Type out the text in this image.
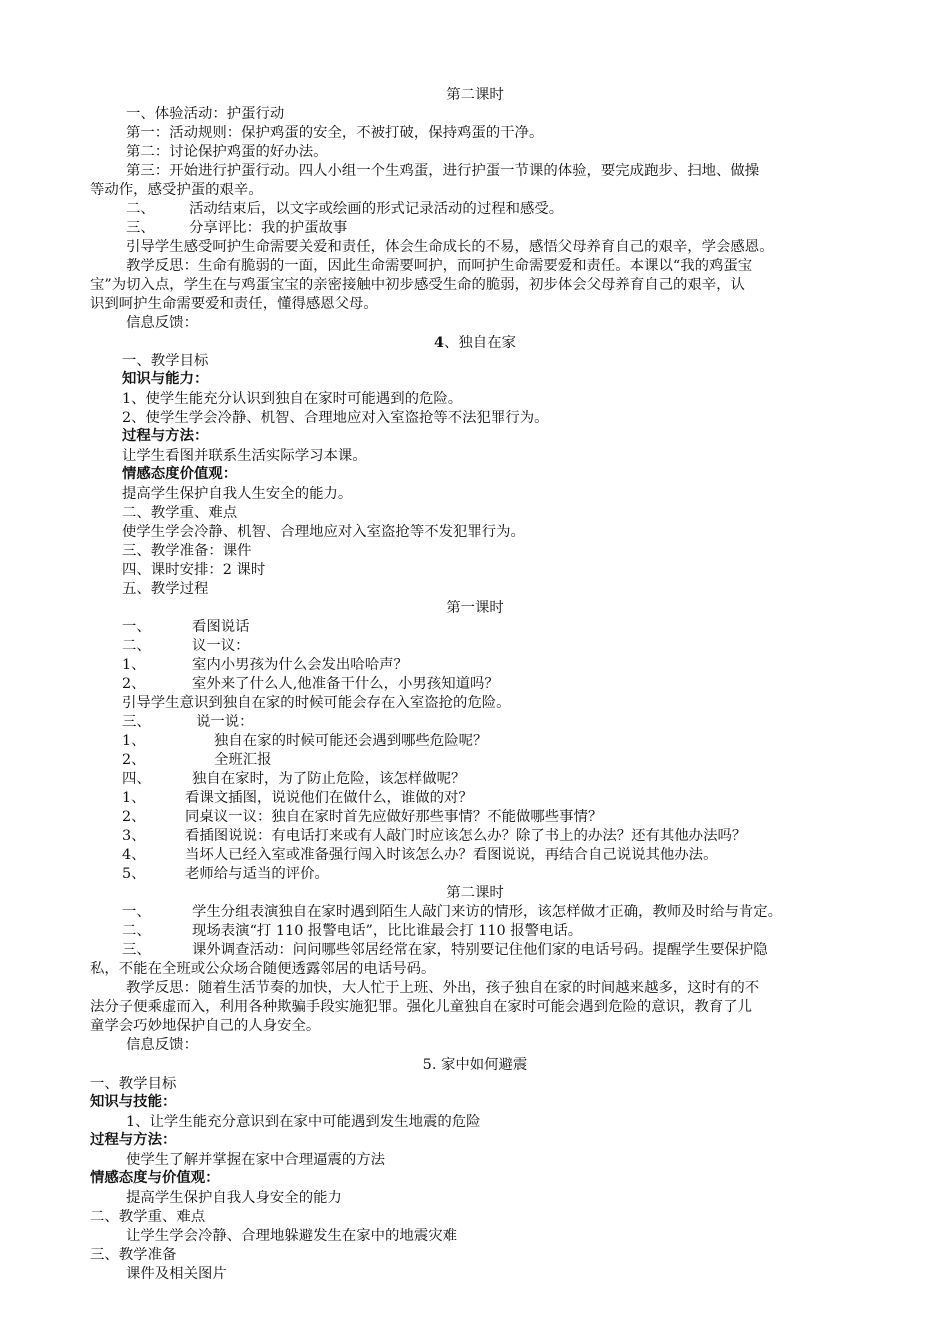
第二课时
一、体验活动：护蛋行动
第一：活动规则：保护鸡蛋的安全，不被打破，保持鸡蛋的干净。
第二：讨论保护鸡蛋的好办法。
第三：开始进行护蛋行动。四人小组一个生鸡蛋，进行护蛋一节课的体验，要完成跑步、扫地、做操
等动作，感受护蛋的艰辛。
二、 活动结束后，以文字或绘画的形式记录活动的过程和感受。
三、 分享评比：我的护蛋故事
引导学生感受呵护生命需要关爱和责任，体会生命成长的不易，感悟父母养育自己的艰辛，学会感恩。
教学反思：生命有脆弱的一面，因此生命需要呵护，而呵护生命需要爱和责任。本课以“我的鸡蛋宝
宝”为切入点，学生在与鸡蛋宝宝的亲密接触中初步感受生命的脆弱，初步体会父母养育自己的艰辛，认
识到呵护生命需要爱和责任，懂得感恩父母。
信息反馈：
4、独自在家
一、教学目标
知识与能力：
1、使学生能充分认识到独自在家时可能遇到的危险。
2、使学生学会冷静、机智、合理地应对入室盗抢等不法犯罪行为。
过程与方法：
让学生看图并联系生活实际学习本课。
情感态度价值观：
提高学生保护自我人生安全的能力。
二、教学重、难点
使学生学会冷静、机智、合理地应对入室盗抢等不发犯罪行为。
三、教学准备：课件
四、课时安排：2 课时
五、教学过程
第一课时
一、	看图说话
二、	议一议：
1、	室内小男孩为什么会发出哈哈声？
2、	室外来了什么人,他准备干什么，小男孩知道吗？
引导学生意识到独自在家的时候可能会存在入室盗抢的危险。
三、	说一说：
1、	独自在家的时候可能还会遇到哪些危险呢？
2、	全班汇报
四、	独自在家时，为了防止危险，该怎样做呢？
1、	看课文插图，说说他们在做什么，谁做的对？
2、	同桌议一议：独自在家时首先应做好那些事情？不能做哪些事情？
3、	看插图说说：有电话打来或有人敲门时应该怎么办？除了书上的办法？还有其他办法吗？
4、	当坏人已经入室或准备强行闯入时该怎么办？看图说说，再结合自己说说其他办法。
5、	老师给与适当的评价。
第二课时
一、	学生分组表演独自在家时遇到陌生人敲门来访的情形，该怎样做才正确，教师及时给与肯定。
二、	现场表演“打 110 报警电话”，比比谁最会打 110 报警电话。
三、	课外调查活动：问问哪些邻居经常在家，特别要记住他们家的电话号码。提醒学生要保护隐
私，不能在全班或公众场合随便透露邻居的电话号码。
教学反思：随着生活节奏的加快，大人忙于上班、外出，孩子独自在家的时间越来越多，这时有的不
法分子便乘虚而入，利用各种欺骗手段实施犯罪。强化儿童独自在家时可能会遇到危险的意识，教育了儿
童学会巧妙地保护自己的人身安全。
信息反馈：
5. 家中如何避震
一、教学目标
知识与技能：
1、让学生能充分意识到在家中可能遇到发生地震的危险
过程与方法：
使学生了解并掌握在家中合理逼震的方法
情感态度与价值观：
提高学生保护自我人身安全的能力
二、教学重、难点
让学生学会冷静、合理地躲避发生在家中的地震灾难
三、教学准备
课件及相关图片
